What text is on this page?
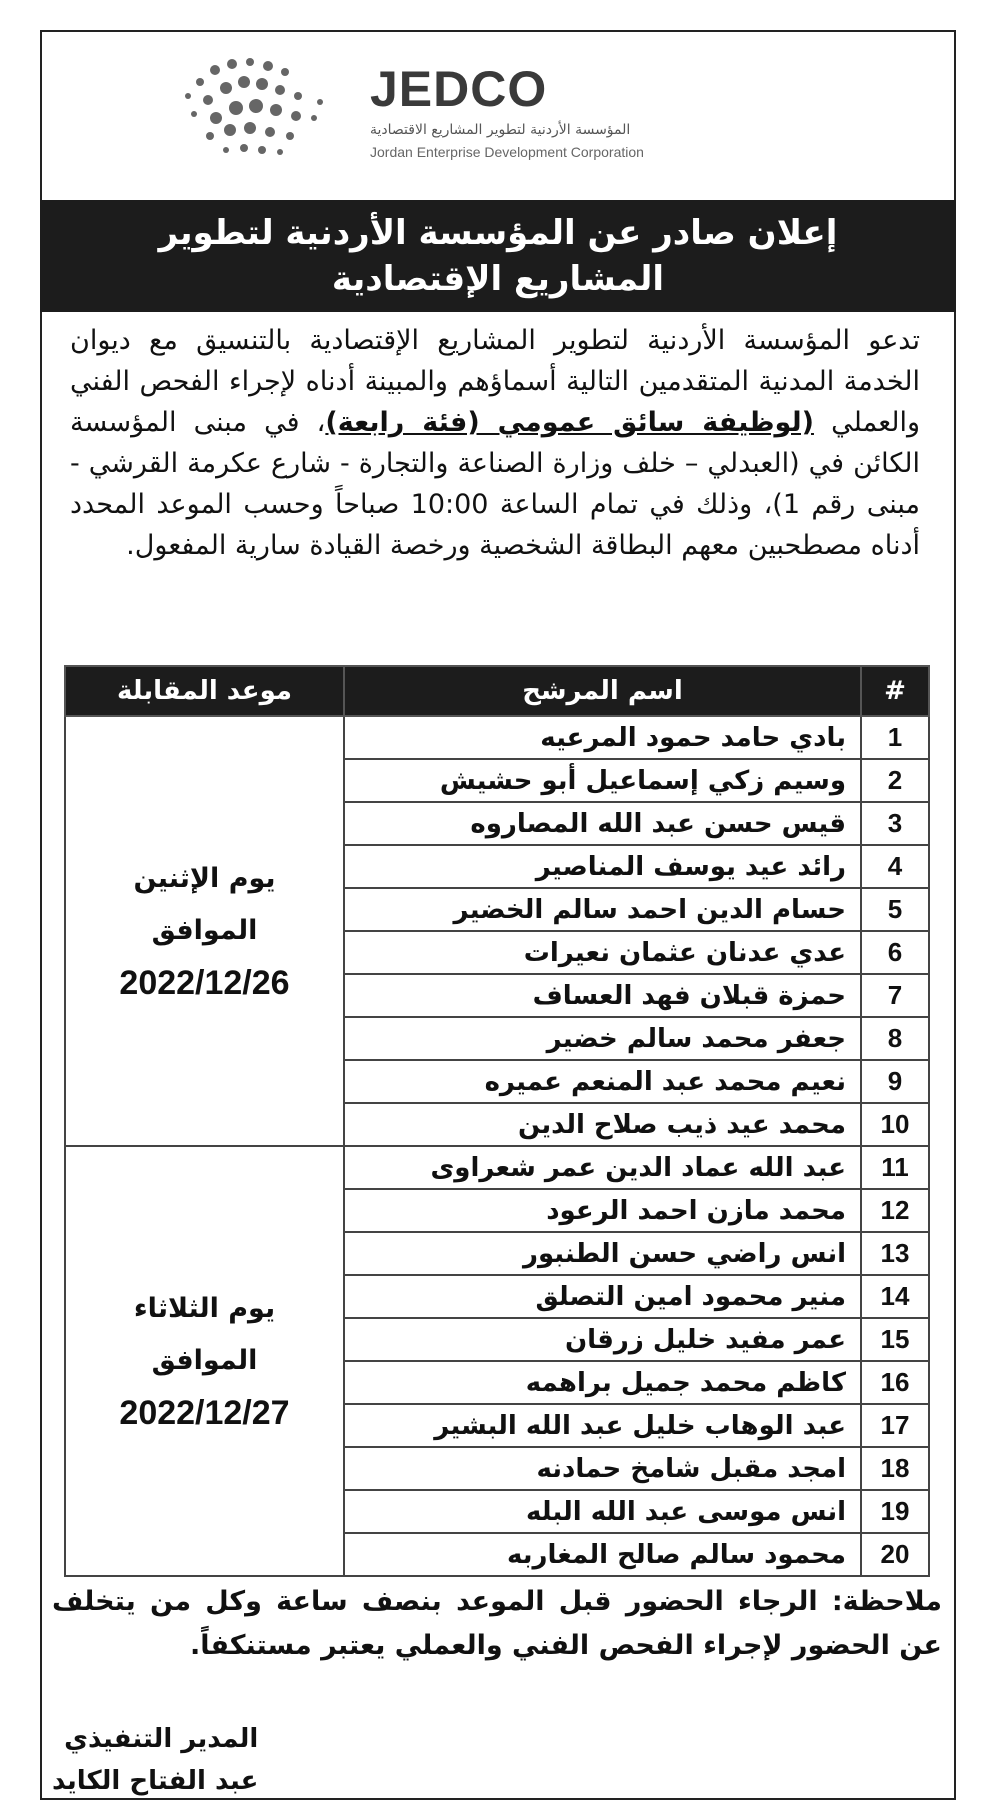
JEDCO
المؤسسة الأردنية لتطوير المشاريع الاقتصادية
Jordan Enterprise Development Corporation
إعلان صادر عن المؤسسة الأردنية لتطوير
المشاريع الإقتصادية
تدعو المؤسسة الأردنية لتطوير المشاريع الإقتصادية بالتنسيق مع ديوان الخدمة المدنية المتقدمين التالية أسماؤهم والمبينة أدناه لإجراء الفحص الفني والعملي (لوظيفة سائق عمومي (فئة رابعة)، في مبنى المؤسسة الكائن في (العبدلي – خلف وزارة الصناعة والتجارة - شارع عكرمة القرشي - مبنى رقم 1)، وذلك في تمام الساعة 10:00 صباحاً وحسب الموعد المحدد أدناه مصطحبين معهم البطاقة الشخصية ورخصة القيادة سارية المفعول.
#	اسم المرشح	موعد المقابلة
1	بادي حامد حمود المرعيه	يوم الإثنين
الموافق
2022/12/26

2	وسيم زكي إسماعيل أبو حشيش	
3	قيس حسن عبد الله المصاروه	
4	رائد عيد يوسف المناصير	
5	حسام الدين احمد سالم الخضير	
6	عدي عدنان عثمان نعيرات	
7	حمزة قبلان فهد العساف	
8	جعفر محمد سالم خضير	
9	نعيم محمد عبد المنعم عميره	
10	محمد عيد ذيب صلاح الدين	
11	عبد الله عماد الدين عمر شعراوى	يوم الثلاثاء
الموافق
2022/12/27

12	محمد مازن احمد الرعود	
13	انس راضي حسن الطنبور	
14	منير محمود امين التصلق	
15	عمر مفيد خليل زرقان	
16	كاظم محمد جميل براهمه	
17	عبد الوهاب خليل عبد الله البشير	
18	امجد مقبل شامخ حمادنه	
19	انس موسى عبد الله البله	
20	محمود سالم صالح المغاربه	
ملاحظة: الرجاء الحضور قبل الموعد بنصف ساعة وكل من يتخلف عن الحضور لإجراء الفحص الفني والعملي يعتبر مستنكفاً.
المدير التنفيذي
عبد الفتاح الكايد
